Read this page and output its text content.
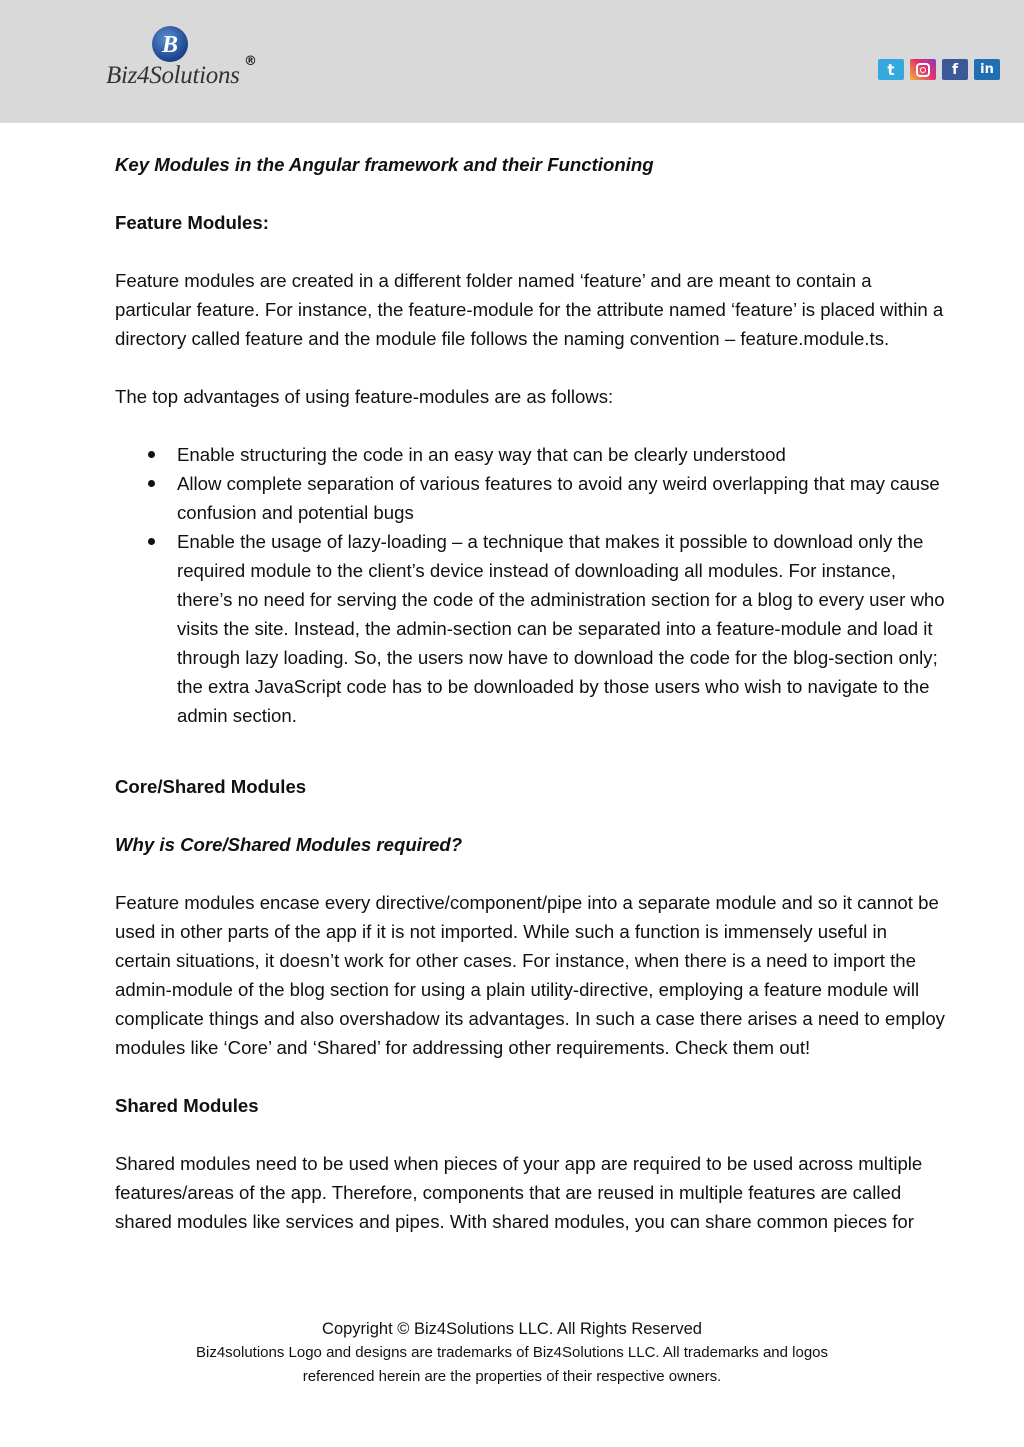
B
Biz4Solutions
®	t	f in

Key Modules in the Angular framework and their Functioning

Feature Modules:

Feature modules are created in a different folder named ‘feature’ and are meant to contain a particular feature. For instance, the feature-module for the attribute named ‘feature’ is placed within a directory called feature and the module file follows the naming convention – feature.module.ts.

The top advantages of using feature-modules are as follows:

Enable structuring the code in an easy way that can be clearly understood
Allow complete separation of various features to avoid any weird overlapping that may cause confusion and potential bugs
Enable the usage of lazy-loading – a technique that makes it possible to download only the required module to the client’s device instead of downloading all modules. For instance, there’s no need for serving the code of the administration section for a blog to every user who visits the site. Instead, the admin-section can be separated into a feature-module and load it through lazy loading. So, the users now have to download the code for the blog-section only; the extra JavaScript code has to be downloaded by those users who wish to navigate to the admin section.

Core/Shared Modules

Why is Core/Shared Modules required?

Feature modules encase every directive/component/pipe into a separate module and so it cannot be used in other parts of the app if it is not imported. While such a function is immensely useful in certain situations, it doesn’t work for other cases. For instance, when there is a need to import the admin-module of the blog section for using a plain utility-directive, employing a feature module will complicate things and also overshadow its advantages. In such a case there arises a need to employ modules like ‘Core’ and ‘Shared’ for addressing other requirements. Check them out!

Shared Modules

Shared modules need to be used when pieces of your app are required to be used across multiple features/areas of the app. Therefore, components that are reused in multiple features are called shared modules like services and pipes. With shared modules, you can share common pieces for

Copyright © Biz4Solutions LLC. All Rights Reserved
Biz4solutions Logo and designs are trademarks of Biz4Solutions LLC. All trademarks and logos
referenced herein are the properties of their respective owners.
